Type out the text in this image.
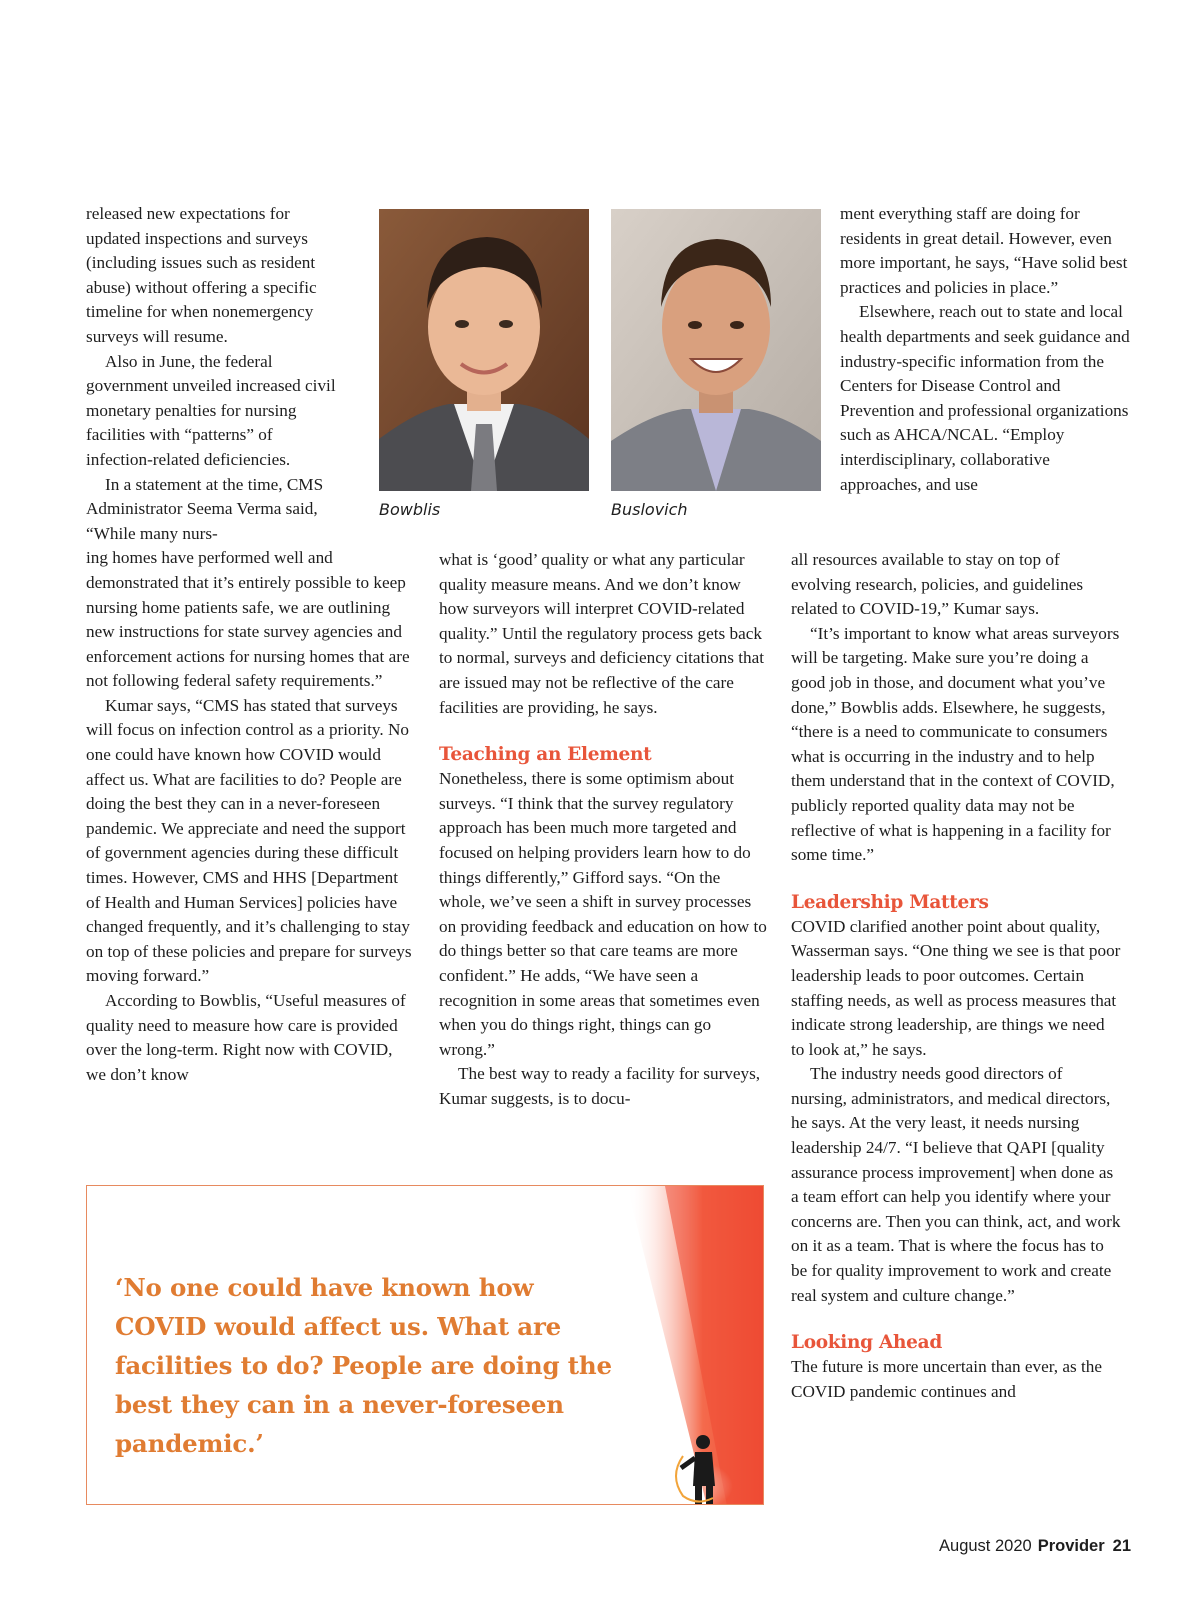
released new expectations for updated inspections and surveys (including issues such as resident abuse) without offering a specific timeline for when nonemergency surveys will resume.

Also in June, the federal government unveiled increased civil monetary penalties for nursing facilities with “patterns” of infection-related deficiencies.

In a statement at the time, CMS Administrator Seema Verma said, “While many nurs-

ing homes have performed well and demonstrated that it’s entirely possible to keep nursing home patients safe, we are outlining new instructions for state survey agencies and enforcement actions for nursing homes that are not following federal safety requirements.”

Kumar says, “CMS has stated that surveys will focus on infection control as a priority. No one could have known how COVID would affect us. What are facilities to do? People are doing the best they can in a never-foreseen pandemic. We appreciate and need the support of government agencies during these difficult times. However, CMS and HHS [Department of Health and Human Services] policies have changed frequently, and it’s challenging to stay on top of these policies and prepare for surveys moving forward.”

According to Bowblis, “Useful measures of quality need to measure how care is provided over the long-term. Right now with COVID, we don’t know

Bowblis	Buslovich

what is ‘good’ quality or what any particular quality measure means. And we don’t know how surveyors will interpret COVID-related quality.” Until the regulatory process gets back to normal, surveys and deficiency citations that are issued may not be reflective of the care facilities are providing, he says.

Teaching an Element

Nonetheless, there is some optimism about surveys. “I think that the survey regulatory approach has been much more targeted and focused on helping providers learn how to do things differently,” Gifford says. “On the whole, we’ve seen a shift in survey processes on providing feedback and education on how to do things better so that care teams are more confident.” He adds, “We have seen a recognition in some areas that sometimes even when you do things right, things can go wrong.”

The best way to ready a facility for surveys, Kumar suggests, is to docu-

ment everything staff are doing for residents in great detail. However, even more important, he says, “Have solid best practices and policies in place.”

Elsewhere, reach out to state and local health departments and seek guidance and industry-specific information from the Centers for Disease Control and Prevention and professional organizations such as AHCA/NCAL. “Employ interdisciplinary, collaborative approaches, and use

all resources available to stay on top of evolving research, policies, and guidelines related to COVID-19,” Kumar says.

“It’s important to know what areas surveyors will be targeting. Make sure you’re doing a good job in those, and document what you’ve done,” Bowblis adds. Elsewhere, he suggests, “there is a need to communicate to consumers what is occurring in the industry and to help them understand that in the context of COVID, publicly reported quality data may not be reflective of what is happening in a facility for some time.”

Leadership Matters

COVID clarified another point about quality, Wasserman says. “One thing we see is that poor leadership leads to poor outcomes. Certain staffing needs, as well as process measures that indicate strong leadership, are things we need to look at,” he says.

The industry needs good directors of nursing, administrators, and medical directors, he says. At the very least, it needs nursing leadership 24/7. “I believe that QAPI [quality assurance process improvement] when done as a team effort can help you identify where your concerns are. Then you can think, act, and work on it as a team. That is where the focus has to be for quality improvement to work and create real system and culture change.”

Looking Ahead

The future is more uncertain than ever, as the COVID pandemic continues and

‘No one could have known how COVID would affect us. What are facilities to do? People are doing the best they can in a never-foreseen pandemic.’
August 2020 Provider 21
